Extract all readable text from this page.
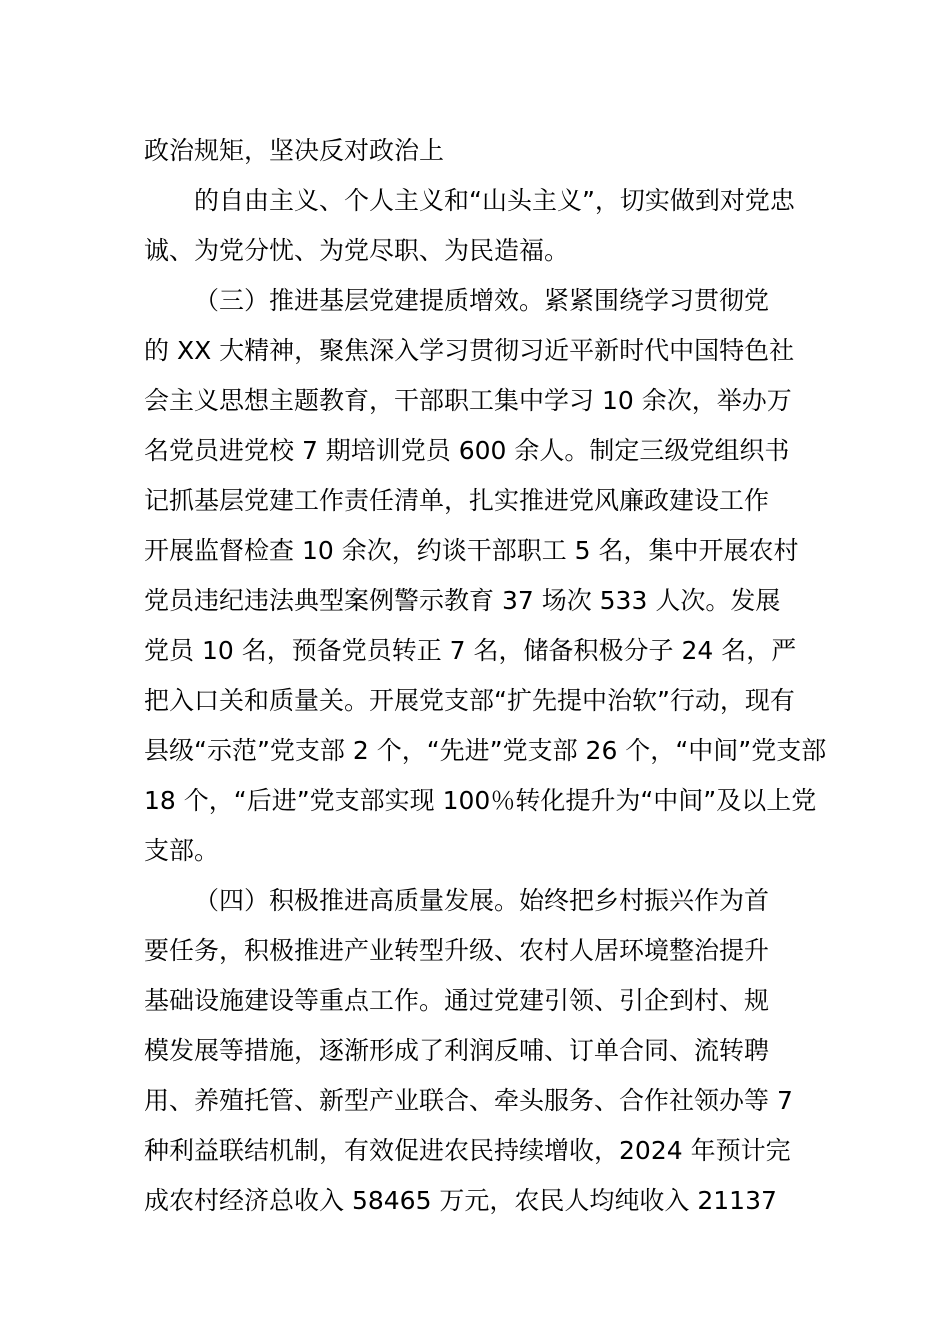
政治规矩，坚决反对政治上
的自由主义、个人主义和“山头主义”，切实做到对党忠
诚、为党分忧、为党尽职、为民造福。
（三）推进基层党建提质增效。紧紧围绕学习贯彻党
的 XX 大精神，聚焦深入学习贯彻习近平新时代中国特色社
会主义思想主题教育，干部职工集中学习 10 余次，举办万
名党员进党校 7 期培训党员 600 余人。制定三级党组织书
记抓基层党建工作责任清单，扎实推进党风廉政建设工作
开展监督检查 10 余次，约谈干部职工 5 名，集中开展农村
党员违纪违法典型案例警示教育 37 场次 533 人次。发展
党员 10 名，预备党员转正 7 名，储备积极分子 24 名，严
把入口关和质量关。开展党支部“扩先提中治软”行动，现有
县级“示范”党支部 2 个，“先进”党支部 26 个，“中间”党支部
18 个，“后进”党支部实现 100％转化提升为“中间”及以上党
支部。
（四）积极推进高质量发展。始终把乡村振兴作为首
要任务，积极推进产业转型升级、农村人居环境整治提升
基础设施建设等重点工作。通过党建引领、引企到村、规
模发展等措施，逐渐形成了利润反哺、订单合同、流转聘
用、养殖托管、新型产业联合、牵头服务、合作社领办等 7
种利益联结机制，有效促进农民持续增收，2024 年预计完
成农村经济总收入 58465 万元，农民人均纯收入 21137
